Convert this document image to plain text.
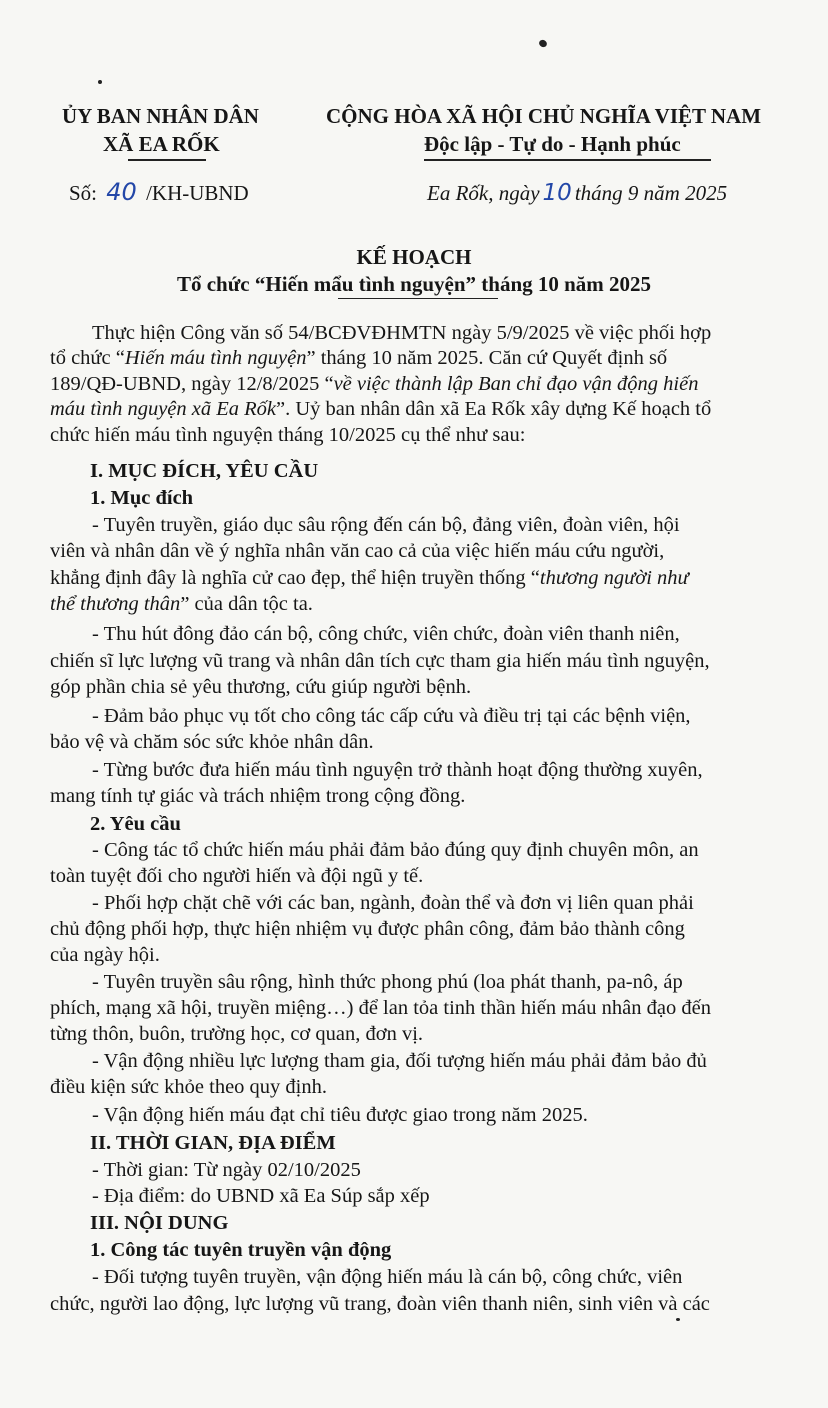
ỦY BAN NHÂN DÂN
XÃ EA RỐK
CỘNG HÒA XÃ HỘI CHỦ NGHĨA VIỆT NAM
Độc lập - Tự do - Hạnh phúc
Số: 40 /KH-UBND	Ea Rốk, ngày 10 tháng 9 năm 2025
KẾ HOẠCH
Tổ chức “Hiến mẩu tình nguyện” tháng 10 năm 2025
Thực hiện Công văn số 54/BCĐVĐHMTN ngày 5/9/2025 về việc phối hợp
tổ chức “Hiến máu tình nguyện” tháng 10 năm 2025. Căn cứ Quyết định số
189/QĐ-UBND, ngày 12/8/2025 “về việc thành lập Ban chỉ đạo vận động hiến
máu tình nguyện xã Ea Rốk”. Uỷ ban nhân dân xã Ea Rốk xây dựng Kế hoạch tổ
chức hiến máu tình nguyện tháng 10/2025 cụ thể như sau:
I. MỤC ĐÍCH, YÊU CẦU
1. Mục đích
- Tuyên truyền, giáo dục sâu rộng đến cán bộ, đảng viên, đoàn viên, hội
viên và nhân dân về ý nghĩa nhân văn cao cả của việc hiến máu cứu người,
khẳng định đây là nghĩa cử cao đẹp, thể hiện truyền thống “thương người như
thể thương thân” của dân tộc ta.
- Thu hút đông đảo cán bộ, công chức, viên chức, đoàn viên thanh niên,
chiến sĩ lực lượng vũ trang và nhân dân tích cực tham gia hiến máu tình nguyện,
góp phần chia sẻ yêu thương, cứu giúp người bệnh.
- Đảm bảo phục vụ tốt cho công tác cấp cứu và điều trị tại các bệnh viện,
bảo vệ và chăm sóc sức khỏe nhân dân.
- Từng bước đưa hiến máu tình nguyện trở thành hoạt động thường xuyên,
mang tính tự giác và trách nhiệm trong cộng đồng.
2. Yêu cầu
- Công tác tổ chức hiến máu phải đảm bảo đúng quy định chuyên môn, an
toàn tuyệt đối cho người hiến và đội ngũ y tế.
- Phối hợp chặt chẽ với các ban, ngành, đoàn thể và đơn vị liên quan phải
chủ động phối hợp, thực hiện nhiệm vụ được phân công, đảm bảo thành công
của ngày hội.
- Tuyên truyền sâu rộng, hình thức phong phú (loa phát thanh, pa-nô, áp
phích, mạng xã hội, truyền miệng…) để lan tỏa tinh thần hiến máu nhân đạo đến
từng thôn, buôn, trường học, cơ quan, đơn vị.
- Vận động nhiều lực lượng tham gia, đối tượng hiến máu phải đảm bảo đủ
điều kiện sức khỏe theo quy định.
- Vận động hiến máu đạt chỉ tiêu được giao trong năm 2025.
II. THỜI GIAN, ĐỊA ĐIỂM
- Thời gian: Từ ngày 02/10/2025
- Địa điểm: do UBND xã Ea Súp sắp xếp
III. NỘI DUNG
1. Công tác tuyên truyền vận động
- Đối tượng tuyên truyền, vận động hiến máu là cán bộ, công chức, viên
chức, người lao động, lực lượng vũ trang, đoàn viên thanh niên, sinh viên và các
